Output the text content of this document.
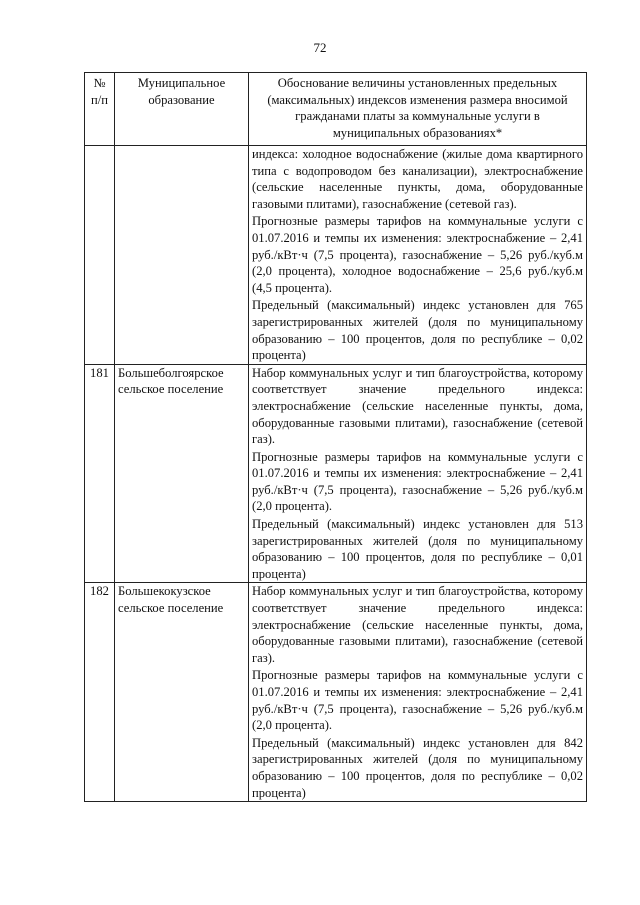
72
№ п/п	Муниципальное образование	Обоснование величины установленных предельных (максимальных) индексов изменения размера вносимой гражданами платы за коммунальные услуги в муниципальных образованиях*

		индекса: холодное водоснабжение (жилые дома квартирного типа с водопроводом без канализации), электроснабжение (сельские населенные пункты, дома, оборудованные газовыми плитами), газоснабжение (сетевой газ).

Прогнозные размеры тарифов на коммунальные услуги с 01.07.2016 и темпы их изменения: электроснабжение – 2,41 руб./кВт·ч (7,5 процента), газоснабжение – 5,26 руб./куб.м (2,0 процента), холодное водоснабжение – 25,6 руб./куб.м (4,5 процента).

Предельный (максимальный) индекс установлен для 765 зарегистрированных жителей (доля по муниципальному образованию – 100 процентов, доля по республике – 0,02 процента)

181	Большеболгоярское сельское поселение	Набор коммунальных услуг и тип благоустройства, которому соответствует значение предельного индекса: электроснабжение (сельские населенные пункты, дома, оборудованные газовыми плитами), газоснабжение (сетевой газ).

Прогнозные размеры тарифов на коммунальные услуги с 01.07.2016 и темпы их изменения: электроснабжение – 2,41 руб./кВт·ч (7,5 процента), газоснабжение – 5,26 руб./куб.м (2,0 процента).

Предельный (максимальный) индекс установлен для 513 зарегистрированных жителей (доля по муниципальному образованию – 100 процентов, доля по республике – 0,01 процента)

182	Большекокузское сельское поселение	Набор коммунальных услуг и тип благоустройства, которому соответствует значение предельного индекса: электроснабжение (сельские населенные пункты, дома, оборудованные газовыми плитами), газоснабжение (сетевой газ).

Прогнозные размеры тарифов на коммунальные услуги с 01.07.2016 и темпы их изменения: электроснабжение – 2,41 руб./кВт·ч (7,5 процента), газоснабжение – 5,26 руб./куб.м (2,0 процента).

Предельный (максимальный) индекс установлен для 842 зарегистрированных жителей (доля по муниципальному образованию – 100 процентов, доля по республике – 0,02 процента)
